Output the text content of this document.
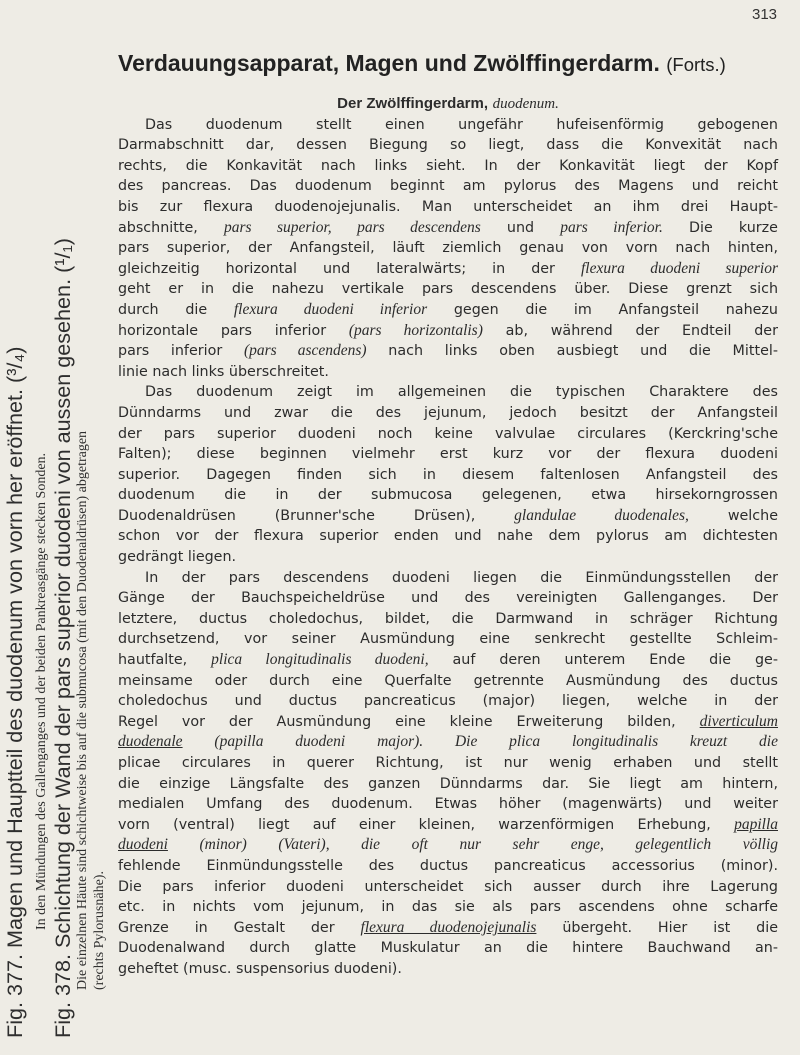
313
Fig. 377. Magen und Hauptteil des duodenum von vorn her eröffnet. (³/₄) In den Mündungen des Gallenganges und der beiden Pankreasgänge stecken Sonden.
Fig. 378. Schichtung der Wand der pars superior duodeni von aussen gesehen. (¹/₁) Die einzelnen Häute sind schichtweise bis auf die submucosa (mit den Duodenaldrüsen) abgetragen (rechts Pylorusnähe).
Verdauungsapparat, Magen und Zwölffingerdarm. (Forts.)
Der Zwölffingerdarm, duodenum.
Das duodenum stellt einen ungefähr hufeisenförmig gebogenen
Darmabschnitt dar, dessen Biegung so liegt, dass die Konvexität nach
rechts, die Konkavität nach links sieht. In der Konkavität liegt der Kopf
des pancreas. Das duodenum beginnt am pylorus des Magens und reicht
bis zur flexura duodenojejunalis. Man unterscheidet an ihm drei Haupt-
abschnitte, pars superior, pars descendens und pars inferior. Die kurze
pars superior, der Anfangsteil, läuft ziemlich genau von vorn nach hinten,
gleichzeitig horizontal und lateralwärts; in der flexura duodeni superior
geht er in die nahezu vertikale pars descendens über. Diese grenzt sich
durch die flexura duodeni inferior gegen die im Anfangsteil nahezu
horizontale pars inferior (pars horizontalis) ab, während der Endteil der
pars inferior (pars ascendens) nach links oben ausbiegt und die Mittel-
linie nach links überschreitet.
Das duodenum zeigt im allgemeinen die typischen Charaktere des
Dünndarms und zwar die des jejunum, jedoch besitzt der Anfangsteil
der pars superior duodeni noch keine valvulae circulares (Kerckring'sche
Falten); diese beginnen vielmehr erst kurz vor der flexura duodeni
superior. Dagegen finden sich in diesem faltenlosen Anfangsteil des
duodenum die in der submucosa gelegenen, etwa hirsekorngrossen
Duodenaldrüsen (Brunner'sche Drüsen), glandulae duodenales, welche
schon vor der flexura superior enden und nahe dem pylorus am dichtesten
gedrängt liegen.
In der pars descendens duodeni liegen die Einmündungsstellen der
Gänge der Bauchspeicheldrüse und des vereinigten Gallenganges. Der
letztere, ductus choledochus, bildet, die Darmwand in schräger Richtung
durchsetzend, vor seiner Ausmündung eine senkrecht gestellte Schleim-
hautfalte, plica longitudinalis duodeni, auf deren unterem Ende die ge-
meinsame oder durch eine Querfalte getrennte Ausmündung des ductus
choledochus und ductus pancreaticus (major) liegen, welche in der
Regel vor der Ausmündung eine kleine Erweiterung bilden, diverticulum
duodenale (papilla duodeni major). Die plica longitudinalis kreuzt die
plicae circulares in querer Richtung, ist nur wenig erhaben und stellt
die einzige Längsfalte des ganzen Dünndarms dar. Sie liegt am hintern,
medialen Umfang des duodenum. Etwas höher (magenwärts) und weiter
vorn (ventral) liegt auf einer kleinen, warzenförmigen Erhebung, papilla
duodeni (minor) (Vateri), die oft nur sehr enge, gelegentlich völlig
fehlende Einmündungsstelle des ductus pancreaticus accessorius (minor).
Die pars inferior duodeni unterscheidet sich ausser durch ihre Lagerung
etc. in nichts vom jejunum, in das sie als pars ascendens ohne scharfe
Grenze in Gestalt der flexura duodenojejunalis übergeht. Hier ist die
Duodenalwand durch glatte Muskulatur an die hintere Bauchwand an-
geheftet (musc. suspensorius duodeni).
